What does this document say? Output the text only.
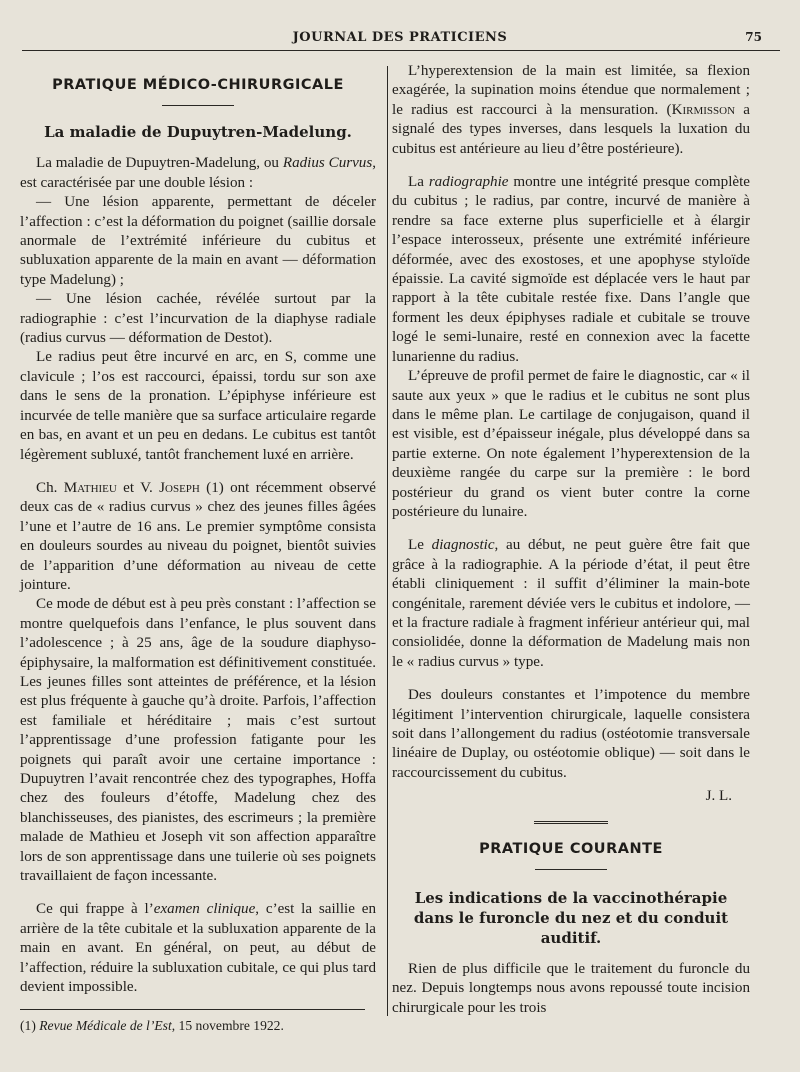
JOURNAL DES PRATICIENS	75
PRATIQUE MÉDICO-CHIRURGICALE
La maladie de Dupuytren-Madelung.

La maladie de Dupuytren-Madelung, ou Radius Curvus, est caractérisée par une double lésion :

— Une lésion apparente, permettant de déceler l’affection : c’est la déformation du poignet (saillie dorsale anormale de l’extrémité inférieure du cubitus et subluxation apparente de la main en avant — déformation type Madelung) ;

— Une lésion cachée, révélée surtout par la radiographie : c’est l’incurvation de la diaphyse radiale (radius curvus — déformation de Destot).

Le radius peut être incurvé en arc, en S, comme une clavicule ; l’os est raccourci, épaissi, tordu sur son axe dans le sens de la pronation. L’épiphyse inférieure est incurvée de telle manière que sa surface articulaire regarde en bas, en avant et un peu en dedans. Le cubitus est tantôt légèrement subluxé, tantôt franchement luxé en arrière.

Ch. Mathieu et V. Joseph (1) ont récemment observé deux cas de « radius curvus » chez des jeunes filles âgées l’une et l’autre de 16 ans. Le premier symptôme consista en douleurs sourdes au niveau du poignet, bientôt suivies de l’apparition d’une déformation au niveau de cette jointure.

Ce mode de début est à peu près constant : l’affection se montre quelquefois dans l’enfance, le plus souvent dans l’adolescence ; à 25 ans, âge de la soudure diaphyso-épiphysaire, la malformation est définitivement constituée. Les jeunes filles sont atteintes de préférence, et la lésion est plus fréquente à gauche qu’à droite. Parfois, l’affection est familiale et héréditaire ; mais c’est surtout l’apprentissage d’une profession fatigante pour les poignets qui paraît avoir une certaine importance : Dupuytren l’avait rencontrée chez des typographes, Hoffa chez des fouleurs d’étoffe, Madelung chez des blanchisseuses, des pianistes, des escrimeurs ; la première malade de Mathieu et Joseph vit son affection apparaître lors de son apprentissage dans une tuilerie où ses poignets travaillaient de façon incessante.

Ce qui frappe à l’examen clinique, c’est la saillie en arrière de la tête cubitale et la subluxation apparente de la main en avant. En général, on peut, au début de l’affection, réduire la subluxation cubitale, ce qui plus tard devient impossible.

(1) Revue Médicale de l’Est, 15 novembre 1922.

L’hyperextension de la main est limitée, sa flexion exagérée, la supination moins étendue que normalement ; le radius est raccourci à la mensuration. (Kirmisson a signalé des types inverses, dans lesquels la luxation du cubitus est antérieure au lieu d’être postérieure).

La radiographie montre une intégrité presque complète du cubitus ; le radius, par contre, incurvé de manière à rendre sa face externe plus superficielle et à élargir l’espace interosseux, présente une extrémité inférieure déformée, avec des exostoses, et une apophyse styloïde épaissie. La cavité sigmoïde est déplacée vers le haut par rapport à la tête cubitale restée fixe. Dans l’angle que forment les deux épiphyses radiale et cubitale se trouve logé le semi-lunaire, resté en connexion avec la facette lunarienne du radius.

L’épreuve de profil permet de faire le diagnostic, car « il saute aux yeux » que le radius et le cubitus ne sont plus dans le même plan. Le cartilage de conjugaison, quand il est visible, est d’épaisseur inégale, plus développé dans sa partie externe. On note également l’hyperextension de la deuxième rangée du carpe sur la première : le bord postérieur du grand os vient buter contre la corne postérieure du lunaire.

Le diagnostic, au début, ne peut guère être fait que grâce à la radiographie. A la période d’état, il peut être établi cliniquement : il suffit d’éliminer la main-bote congénitale, rarement déviée vers le cubitus et indolore, — et la fracture radiale à fragment inférieur antérieur qui, mal consiolidée, donne la déformation de Madelung mais non le « radius curvus » type.

Des douleurs constantes et l’impotence du membre légitiment l’intervention chirurgicale, laquelle consistera soit dans l’allongement du radius (ostéotomie transversale linéaire de Duplay, ou ostéotomie oblique) — soit dans le raccourcissement du cubitus.

J. L.

PRATIQUE COURANTE
Les indications de la vaccinothérapie
dans le furoncle du nez et du conduit auditif.

Rien de plus difficile que le traitement du furoncle du nez. Depuis longtemps nous avons repoussé toute incision chirurgicale pour les trois
